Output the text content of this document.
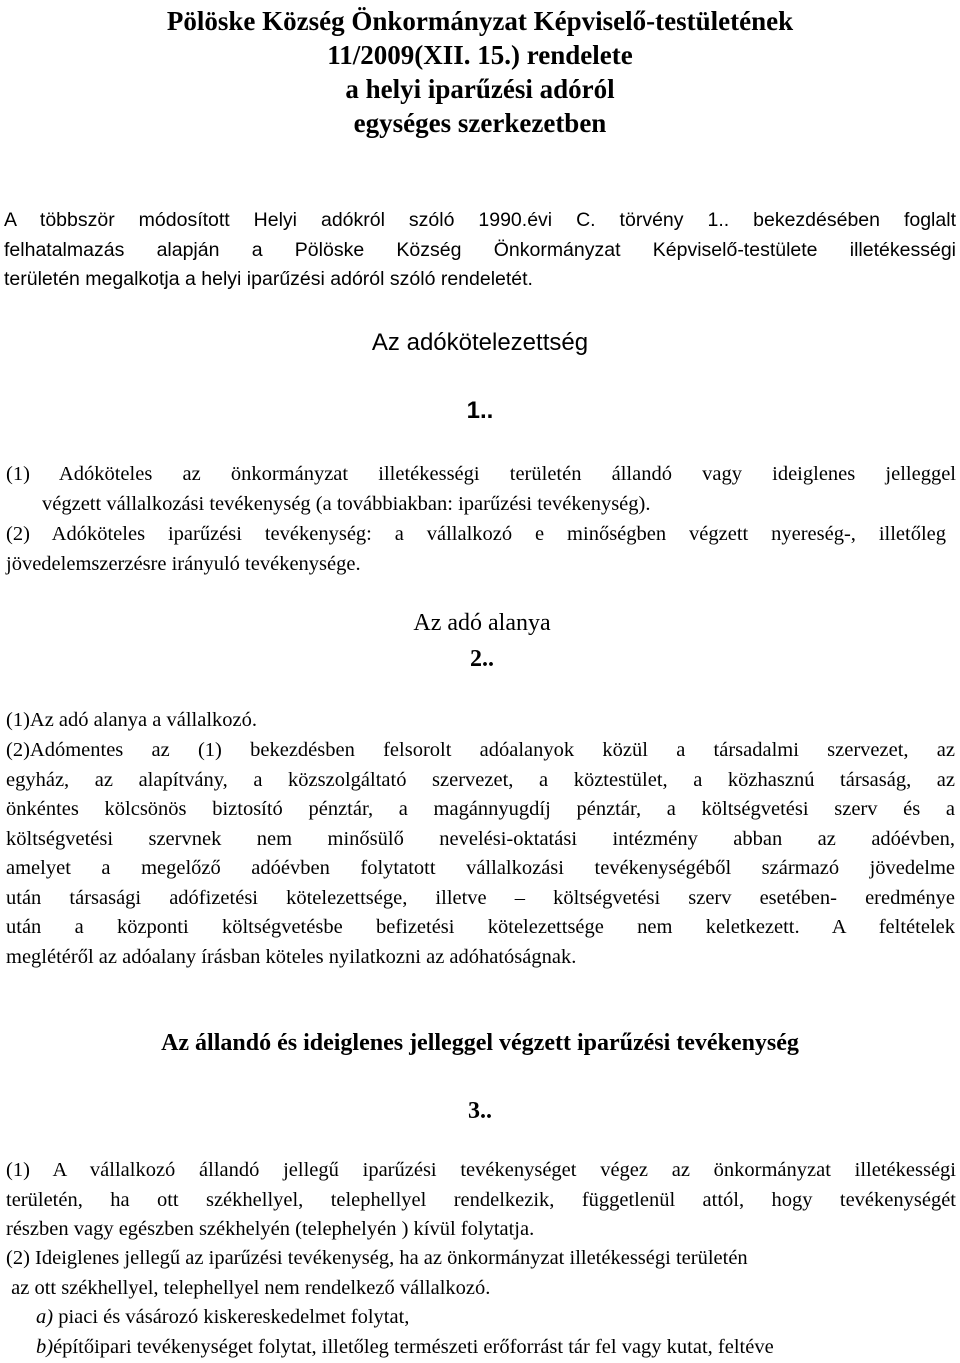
Pölöske Község Önkormányzat Képviselő-testületének
11/2009(XII. 15.) rendelete
a helyi iparűzési adóról
egységes szerkezetben
A többször módosított Helyi adókról szóló 1990.évi C. törvény 1.. bekezdésében foglalt
felhatalmazás alapján a Pölöske Község Önkormányzat Képviselő-testülete illetékességi
területén megalkotja a helyi iparűzési adóról szóló rendeletét.
Az adókötelezettség
1..
(1) Adóköteles az önkormányzat illetékességi területén állandó vagy ideiglenes jelleggel
végzett vállalkozási tevékenység (a továbbiakban: iparűzési tevékenység).
(2) Adóköteles iparűzési tevékenység: a vállalkozó e minőségben végzett nyereség-, illetőleg
jövedelemszerzésre irányuló tevékenysége.
Az adó alanya
2..
(1)Az adó alanya a vállalkozó.
(2)Adómentes az (1) bekezdésben felsorolt adóalanyok közül a társadalmi szervezet, az
egyház, az alapítvány, a közszolgáltató szervezet, a köztestület, a közhasznú társaság, az
önkéntes kölcsönös biztosító pénztár, a magánnyugdíj pénztár, a költségvetési szerv és a
költségvetési szervnek nem minősülő nevelési-oktatási intézmény abban az adóévben,
amelyet a megelőző adóévben folytatott vállalkozási tevékenységéből származó jövedelme
után társasági adófizetési kötelezettsége, illetve – költségvetési szerv esetében- eredménye
után a központi költségvetésbe befizetési kötelezettsége nem keletkezett. A feltételek
meglétéről az adóalany írásban köteles nyilatkozni az adóhatóságnak.
Az állandó és ideiglenes jelleggel végzett iparűzési tevékenység
3..
(1) A vállalkozó állandó jellegű iparűzési tevékenységet végez az önkormányzat illetékességi
területén, ha ott székhellyel, telephellyel rendelkezik, függetlenül attól, hogy tevékenységét
részben vagy egészben székhelyén (telephelyén ) kívül folytatja.
(2) Ideiglenes jellegű az iparűzési tevékenység, ha az önkormányzat illetékességi területén
az ott székhellyel, telephellyel nem rendelkező vállalkozó.
a) piaci és vásározó kiskereskedelmet folytat,
b)építőipari tevékenységet folytat, illetőleg természeti erőforrást tár fel vagy kutat, feltéve
